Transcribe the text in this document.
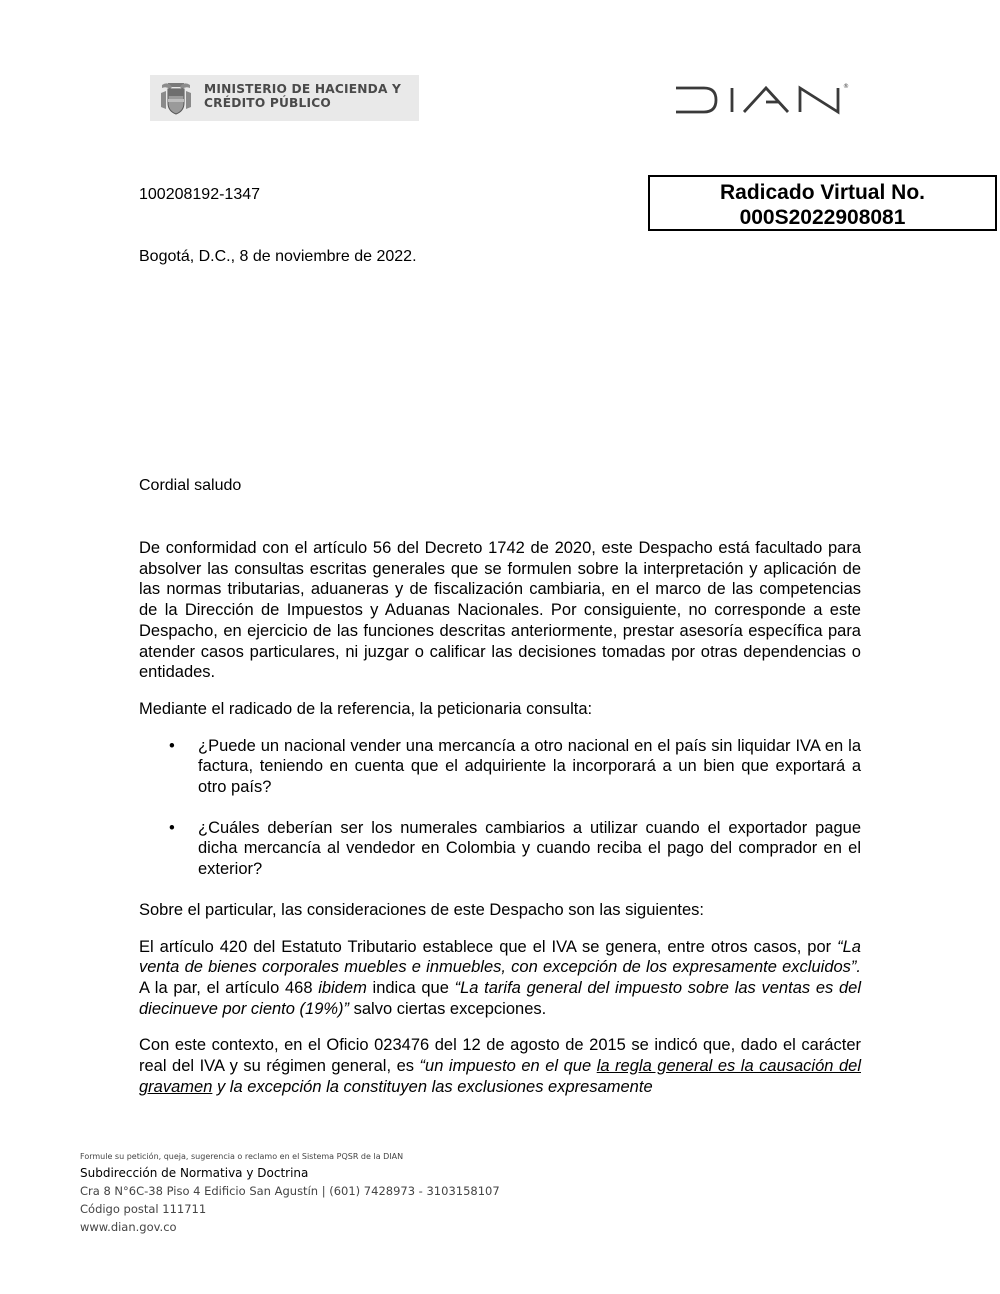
MINISTERIO DE HACIENDA Y
CRÉDITO PÚBLICO
®
100208192-1347	Radicado Virtual No.
000S2022908081
Bogotá, D.C., 8 de noviembre de 2022.
Cordial saludo

De conformidad con el artículo 56 del Decreto 1742 de 2020, este Despacho está facultado para absolver las consultas escritas generales que se formulen sobre la interpretación y aplicación de las normas tributarias, aduaneras y de fiscalización cambiaria, en el marco de las competencias de la Dirección de Impuestos y Aduanas Nacionales. Por consiguiente, no corresponde a este Despacho, en ejercicio de las funciones descritas anteriormente, prestar asesoría específica para atender casos particulares, ni juzgar o calificar las decisiones tomadas por otras dependencias o entidades.

Mediante el radicado de la referencia, la peticionaria consulta:

• ¿Puede un nacional vender una mercancía a otro nacional en el país sin liquidar IVA en la factura, teniendo en cuenta que el adquiriente la incorporará a un bien que exportará a otro país?
• ¿Cuáles deberían ser los numerales cambiarios a utilizar cuando el exportador pague dicha mercancía al vendedor en Colombia y cuando reciba el pago del comprador en el exterior?

Sobre el particular, las consideraciones de este Despacho son las siguientes:

El artículo 420 del Estatuto Tributario establece que el IVA se genera, entre otros casos, por “La venta de bienes corporales muebles e inmuebles, con excepción de los expresamente excluidos”. A la par, el artículo 468 ibidem indica que “La tarifa general del impuesto sobre las ventas es del diecinueve por ciento (19%)” salvo ciertas excepciones.

Con este contexto, en el Oficio 023476 del 12 de agosto de 2015 se indicó que, dado el carácter real del IVA y su régimen general, es “un impuesto en el que la regla general es la causación del gravamen y la excepción la constituyen las exclusiones expresamente

Formule su petición, queja, sugerencia o reclamo en el Sistema PQSR de la DIAN
Subdirección de Normativa y Doctrina
Cra 8 N°6C-38 Piso 4 Edificio San Agustín | (601) 7428973 - 3103158107
Código postal 111711
www.dian.gov.co
